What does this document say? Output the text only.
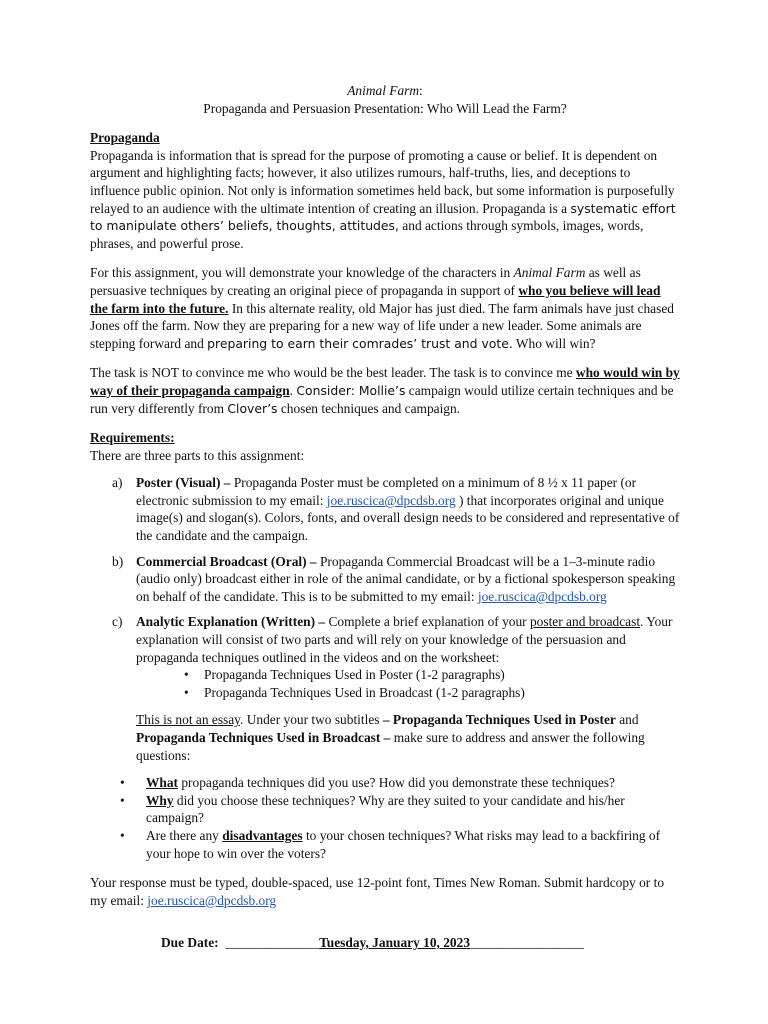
Animal Farm:
Propaganda and Persuasion Presentation: Who Will Lead the Farm?
Propaganda

Propaganda is information that is spread for the purpose of promoting a cause or belief. It is dependent on argument and highlighting facts; however, it also utilizes rumours, half-truths, lies, and deceptions to influence public opinion. Not only is information sometimes held back, but some information is purposefully relayed to an audience with the ultimate intention of creating an illusion. Propaganda is a systematic effort to manipulate others’ beliefs, thoughts, attitudes, and actions through symbols, images, words, phrases, and powerful prose.

For this assignment, you will demonstrate your knowledge of the characters in Animal Farm as well as persuasive techniques by creating an original piece of propaganda in support of who you believe will lead the farm into the future. In this alternate reality, old Major has just died. The farm animals have just chased Jones off the farm. Now they are preparing for a new way of life under a new leader. Some animals are stepping forward and preparing to earn their comrades’ trust and vote. Who will win?

The task is NOT to convince me who would be the best leader. The task is to convince me who would win by way of their propaganda campaign. Consider: Mollie’s campaign would utilize certain techniques and be run very differently from Clover’s chosen techniques and campaign.

Requirements:

There are three parts to this assignment:

a) Poster (Visual) – Propaganda Poster must be completed on a minimum of 8 ½ x 11 paper (or electronic submission to my email: joe.ruscica@dpcdsb.org ) that incorporates original and unique image(s) and slogan(s). Colors, fonts, and overall design needs to be considered and representative of the candidate and the campaign.
b) Commercial Broadcast (Oral) – Propaganda Commercial Broadcast will be a 1–3-minute radio (audio only) broadcast either in role of the animal candidate, or by a fictional spokesperson speaking on behalf of the candidate. This is to be submitted to my email: joe.ruscica@dpcdsb.org
c) Analytic Explanation (Written) – Complete a brief explanation of your poster and broadcast. Your explanation will consist of two parts and will rely on your knowledge of the persuasion and propaganda techniques outlined in the videos and on the worksheet:
• Propaganda Techniques Used in Poster (1-2 paragraphs)
• Propaganda Techniques Used in Broadcast (1-2 paragraphs)

This is not an essay. Under your two subtitles – Propaganda Techniques Used in Poster and Propaganda Techniques Used in Broadcast – make sure to address and answer the following questions:

• What propaganda techniques did you use? How did you demonstrate these techniques?
• Why did you choose these techniques? Why are they suited to your candidate and his/her campaign?
• Are there any disadvantages to your chosen techniques? What risks may lead to a backfiring of your hope to win over the voters?

Your response must be typed, double-spaced, use 12-point font, Times New Roman. Submit hardcopy or to my email: joe.ruscica@dpcdsb.org

Due Date: ______________Tuesday, January 10, 2023_________________
